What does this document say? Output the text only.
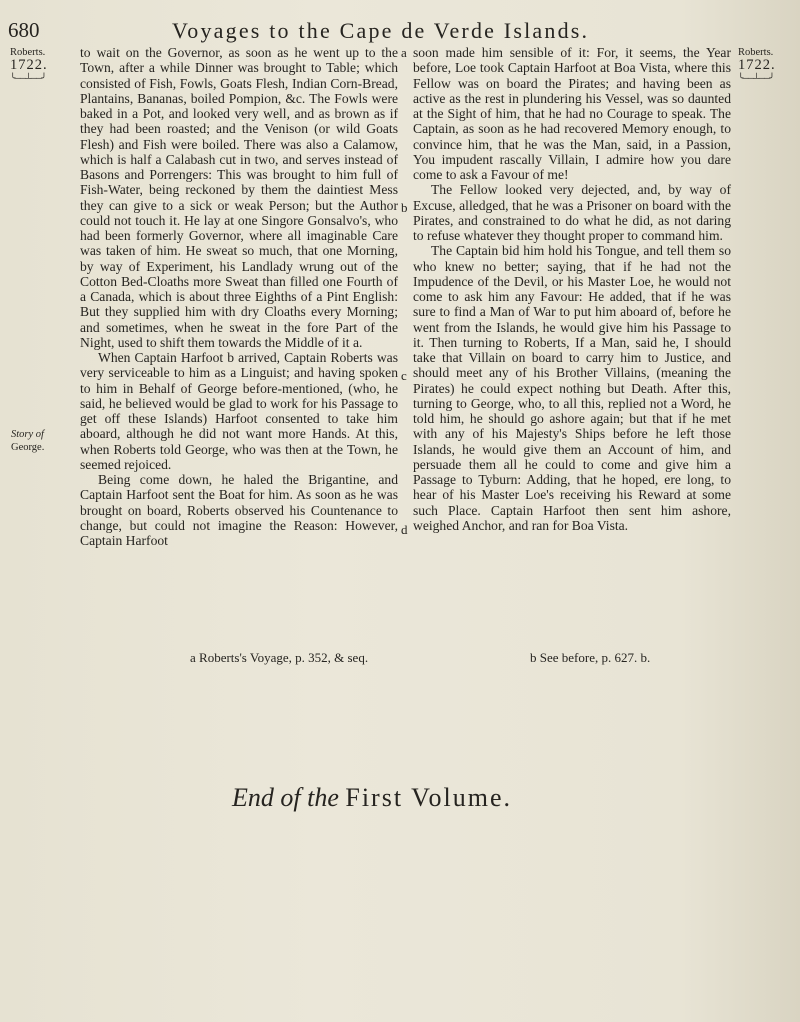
680	Voyages to the Cape de Verde Islands.
Roberts.
1722.
╰──┴──╯
Story of
George.
Roberts.
1722.
╰──┴──╯

to wait on the Governor, as soon as he went up to the Town, after a while Dinner was brought to Table; which consisted of Fish, Fowls, Goats Flesh, Indian Corn-Bread, Plantains, Bananas, boiled Pompion, &c. The Fowls were baked in a Pot, and looked very well, and as brown as if they had been roasted; and the Venison (or wild Goats Flesh) and Fish were boiled. There was also a Calamow, which is half a Calabash cut in two, and serves instead of Basons and Porrengers: This was brought to him full of Fish-Water, being reckoned by them the daintiest Mess they can give to a sick or weak Person; but the Author could not touch it. He lay at one Singore Gonsalvo's, who had been formerly Governor, where all imaginable Care was taken of him. He sweat so much, that one Morning, by way of Experiment, his Landlady wrung out of the Cotton Bed-Cloaths more Sweat than filled one Fourth of a Canada, which is about three Eighths of a Pint English: But they supplied him with dry Cloaths every Morning; and sometimes, when he sweat in the fore Part of the Night, used to shift them towards the Middle of it a.

When Captain Harfoot b arrived, Captain Roberts was very serviceable to him as a Linguist; and having spoken to him in Behalf of George before-mentioned, (who, he said, he believed would be glad to work for his Passage to get off these Islands) Harfoot consented to take him aboard, although he did not want more Hands. At this, when Roberts told George, who was then at the Town, he seemed rejoiced.

Being come down, he haled the Brigantine, and Captain Harfoot sent the Boat for him. As soon as he was brought on board, Roberts observed his Countenance to change, but could not imagine the Reason: However, Captain Harfoot

soon made him sensible of it: For, it seems, the Year before, Loe took Captain Harfoot at Boa Vista, where this Fellow was on board the Pirates; and having been as active as the rest in plundering his Vessel, was so daunted at the Sight of him, that he had no Courage to speak. The Captain, as soon as he had recovered Memory enough, to convince him, that he was the Man, said, in a Passion, You impudent rascally Villain, I admire how you dare come to ask a Favour of me!

The Fellow looked very dejected, and, by way of Excuse, alledged, that he was a Prisoner on board with the Pirates, and constrained to do what he did, as not daring to refuse whatever they thought proper to command him.

The Captain bid him hold his Tongue, and tell them so who knew no better; saying, that if he had not the Impudence of the Devil, or his Master Loe, he would not come to ask him any Favour: He added, that if he was sure to find a Man of War to put him aboard of, before he went from the Islands, he would give him his Passage to it. Then turning to Roberts, If a Man, said he, I should take that Villain on board to carry him to Justice, and should meet any of his Brother Villains, (meaning the Pirates) he could expect nothing but Death. After this, turning to George, who, to all this, replied not a Word, he told him, he should go ashore again; but that if he met with any of his Majesty's Ships before he left those Islands, he would give them an Account of him, and persuade them all he could to come and give him a Passage to Tyburn: Adding, that he hoped, ere long, to hear of his Master Loe's receiving his Reward at some such Place. Captain Harfoot then sent him ashore, weighed Anchor, and ran for Boa Vista.

a
b
c
d
a Roberts's Voyage, p. 352, & seq.	b See before, p. 627. b.
End of the First Volume.
